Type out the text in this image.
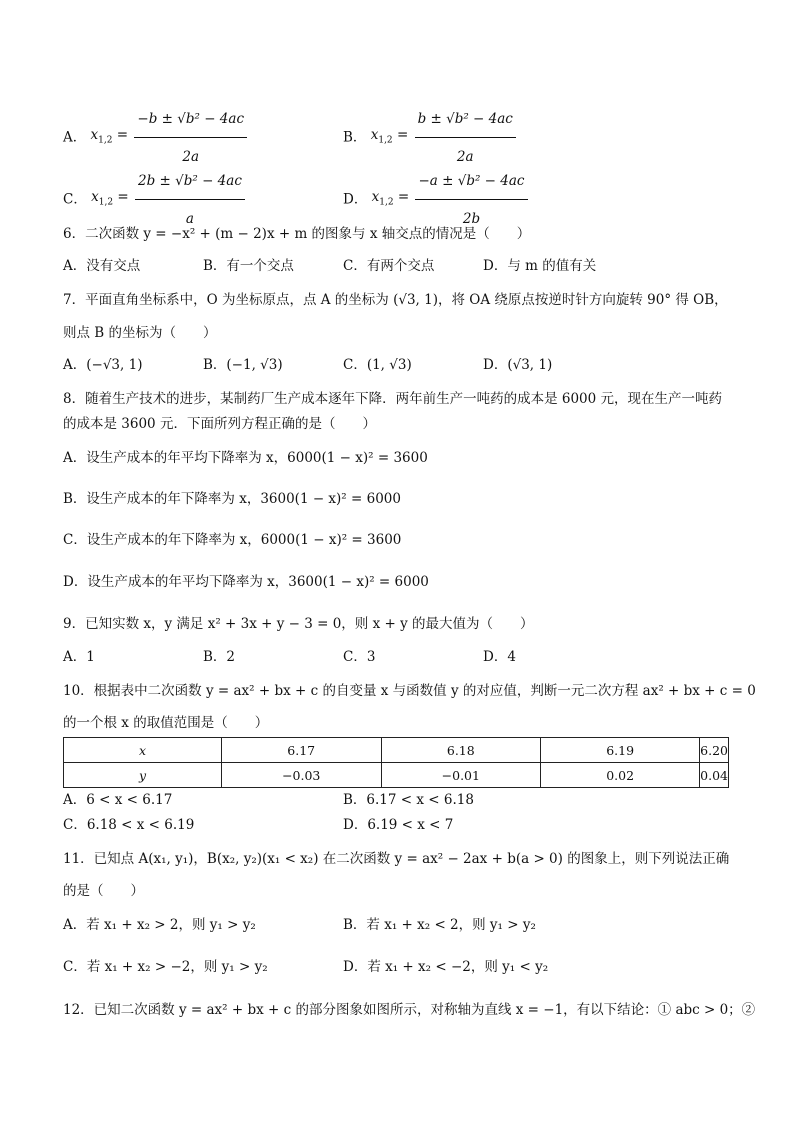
A． $x_{1,2} = \frac{\text{−b ± √b² − 4ac}}{2a}$	B． $x_{1,2} = \frac{\text{b ± √b² − 4ac}}{2a}$
C． $x_{1,2} = \frac{\text{2b ± √b² − 4ac}}{a}$	D． $x_{1,2} = \frac{\text{−a ± √b² − 4ac}}{2b}$
6．二次函数 y = −x² + (m − 2)x + m 的图象与 x 轴交点的情况是（　　）
A．没有交点	B．有一个交点	C．有两个交点	D．与 m 的值有关
7．平面直角坐标系中，O 为坐标原点，点 A 的坐标为 (√3, 1)，将 OA 绕原点按逆时针方向旋转 90° 得 OB，
则点 B 的坐标为（　　）
A．(−√3, 1)	B．(−1, √3)	C．(1, √3)	D．(√3, 1)
8．随着生产技术的进步，某制药厂生产成本逐年下降．两年前生产一吨药的成本是 6000 元，现在生产一吨药
的成本是 3600 元．下面所列方程正确的是（　　）
A．设生产成本的年平均下降率为 x，6000(1 − x)² = 3600
B．设生产成本的年下降率为 x，3600(1 − x)² = 6000
C．设生产成本的年下降率为 x，6000(1 − x)² = 3600
D．设生产成本的年平均下降率为 x，3600(1 − x)² = 6000
9．已知实数 x，y 满足 x² + 3x + y − 3 = 0，则 x + y 的最大值为（　　）
A．1	B．2	C．3	D．4
10．根据表中二次函数 y = ax² + bx + c 的自变量 x 与函数值 y 的对应值，判断一元二次方程 ax² + bx + c = 0
的一个根 x 的取值范围是（　　）
x	6.17	6.18	6.19	6.20
y	−0.03	−0.01	0.02	0.04
A．6 < x < 6.17	B．6.17 < x < 6.18
C．6.18 < x < 6.19	D．6.19 < x < 7
11．已知点 A(x₁, y₁)，B(x₂, y₂)(x₁ < x₂) 在二次函数 y = ax² − 2ax + b(a > 0) 的图象上，则下列说法正确
的是（　　）
A．若 x₁ + x₂ > 2，则 y₁ > y₂	B．若 x₁ + x₂ < 2，则 y₁ > y₂
C．若 x₁ + x₂ > −2，则 y₁ > y₂	D．若 x₁ + x₂ < −2，则 y₁ < y₂
12．已知二次函数 y = ax² + bx + c 的部分图象如图所示，对称轴为直线 x = −1，有以下结论：① abc > 0；②
